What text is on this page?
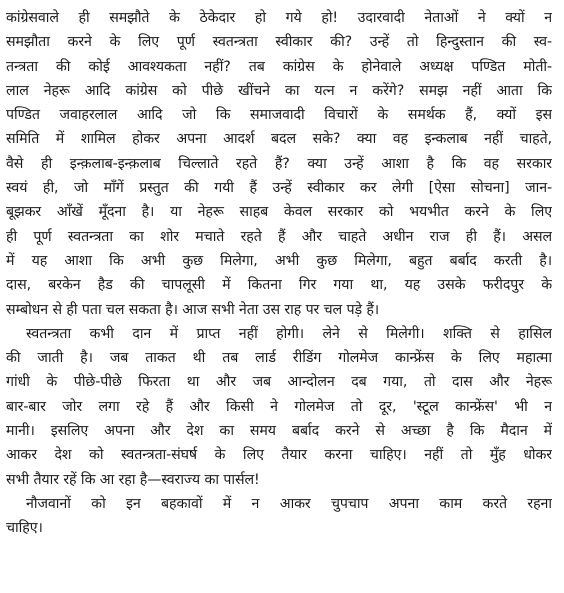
कांग्रेसवाले ही समझौते के ठेकेदार हो गये हो! उदारवादी नेताओं ने क्यों न
समझौता करने के लिए पूर्ण स्वतन्त्रता स्वीकार की? उन्हें तो हिन्दुस्तान की स्व-
तन्त्रता की कोई आवश्यकता नहीं? तब कांग्रेस के होनेवाले अध्यक्ष पण्डित मोती-
लाल नेहरू आदि कांग्रेस को पीछे खींचने का यत्न न करेंगे? समझ नहीं आता कि
पण्डित जवाहरलाल आदि जो कि समाजवादी विचारों के समर्थक हैं, क्यों इस
समिति में शामिल होकर अपना आदर्श बदल सके? क्या वह इन्कलाब नहीं चाहते,
वैसे ही इन्क़लाब-इन्क़लाब चिल्लाते रहते हैं? क्या उन्हें आशा है कि वह सरकार
स्वयं ही, जो माँगें प्रस्तुत की गयी हैं उन्हें स्वीकार कर लेगी [ऐसा सोचना] जान-
बूझकर आँखें मूँदना है। या नेहरू साहब केवल सरकार को भयभीत करने के लिए
ही पूर्ण स्वतन्त्रता का शोर मचाते रहते हैं और चाहते अधीन राज ही हैं। असल
में यह आशा कि अभी कुछ मिलेगा, अभी कुछ मिलेगा, बहुत बर्बाद करती है।
दास, बरकेन हैड की चापलूसी में कितना गिर गया था, यह उसके फरीदपुर के
सम्बोधन से ही पता चल सकता है। आज सभी नेता उस राह पर चल पड़े हैं।
स्वतन्त्रता कभी दान में प्राप्त नहीं होगी। लेने से मिलेगी। शक्ति से हासिल
की जाती है। जब ताकत थी तब लार्ड रीडिंग गोलमेज कान्फ्रेंस के लिए महात्मा
गांधी के पीछे-पीछे फिरता था और जब आन्दोलन दब गया, तो दास और नेहरू
बार-बार जोर लगा रहे हैं और किसी ने गोलमेज तो दूर, 'स्टूल कान्फ्रेंस' भी न
मानी। इसलिए अपना और देश का समय बर्बाद करने से अच्छा है कि मैदान में
आकर देश को स्वतन्त्रता-संघर्ष के लिए तैयार करना चाहिए। नहीं तो मुँह धोकर
सभी तैयार रहें कि आ रहा है—स्वराज्य का पार्सल!
नौजवानों को इन बहकावों में न आकर चुपचाप अपना काम करते रहना
चाहिए।
